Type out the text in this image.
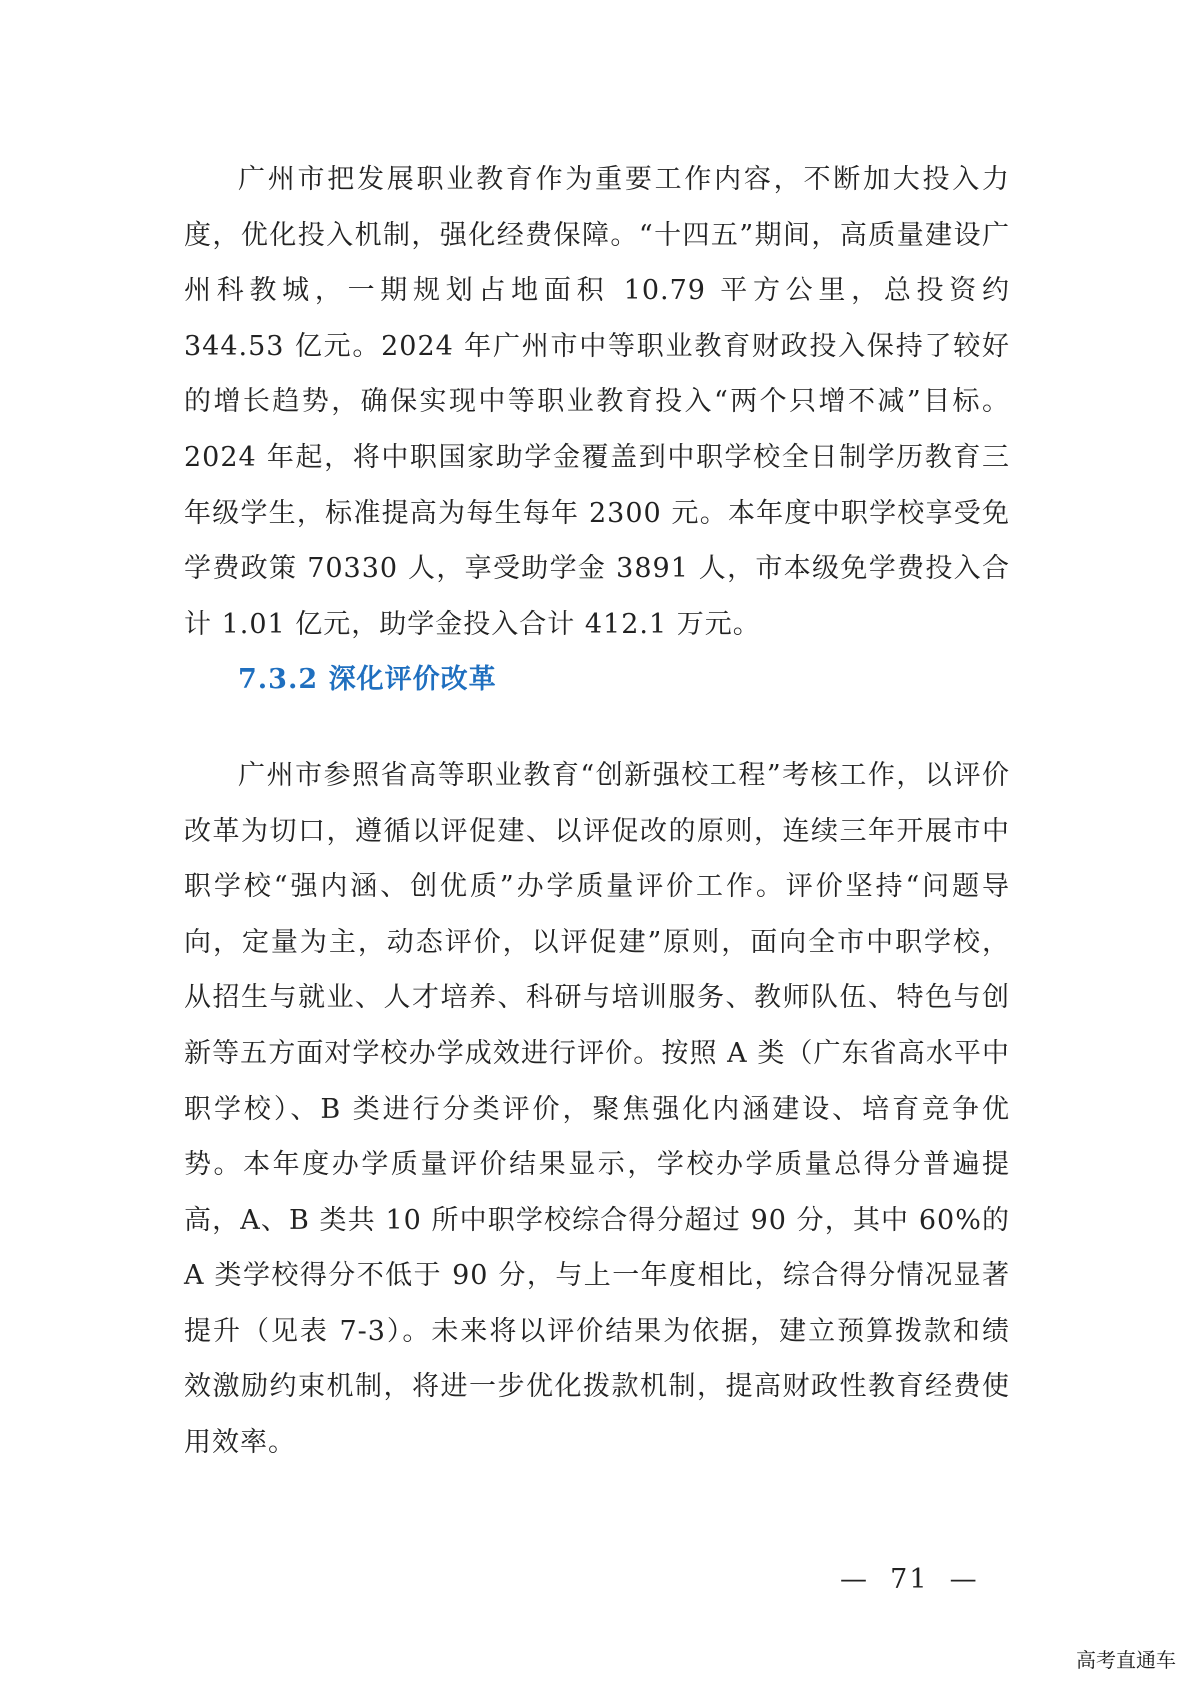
广州市把发展职业教育作为重要工作内容，不断加大投入力度，优化投入机制，强化经费保障。“十四五”期间，高质量建设广州科教城，一期规划占地面积 10.79 平方公里，总投资约 344.53 亿元。2024 年广州市中等职业教育财政投入保持了较好的增长趋势，确保实现中等职业教育投入“两个只增不减”目标。2024 年起，将中职国家助学金覆盖到中职学校全日制学历教育三年级学生，标准提高为每生每年 2300 元。本年度中职学校享受免学费政策 70330 人，享受助学金 3891 人，市本级免学费投入合计 1.01 亿元，助学金投入合计 412.1 万元。

7.3.2 深化评价改革

广州市参照省高等职业教育“创新强校工程”考核工作，以评价改革为切口，遵循以评促建、以评促改的原则，连续三年开展市中职学校“强内涵、创优质”办学质量评价工作。评价坚持“问题导向，定量为主，动态评价，以评促建”原则，面向全市中职学校，从招生与就业、人才培养、科研与培训服务、教师队伍、特色与创新等五方面对学校办学成效进行评价。按照 A 类（广东省高水平中职学校）、B 类进行分类评价，聚焦强化内涵建设、培育竞争优势。本年度办学质量评价结果显示，学校办学质量总得分普遍提高，A、B 类共 10 所中职学校综合得分超过 90 分，其中 60%的 A 类学校得分不低于 90 分，与上一年度相比，综合得分情况显著提升（见表 7-3）。未来将以评价结果为依据，建立预算拨款和绩效激励约束机制，将进一步优化拨款机制，提高财政性教育经费使用效率。

—  71  —
高考直通车
